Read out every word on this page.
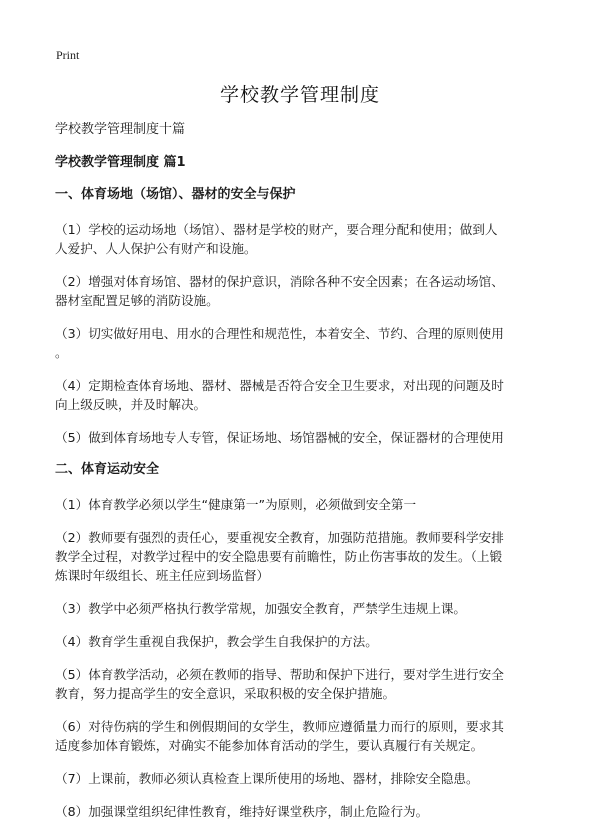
Print
学校教学管理制度
学校教学管理制度十篇
学校教学管理制度 篇1
一、体育场地（场馆）、器材的安全与保护

（1）学校的运动场地（场馆）、器材是学校的财产，要合理分配和使用；做到人
人爱护、人人保护公有财产和设施。

（2）增强对体育场馆、器材的保护意识，消除各种不安全因素；在各运动场馆、
器材室配置足够的消防设施。

（3）切实做好用电、用水的合理性和规范性，本着安全、节约、合理的原则使用
。

（4）定期检查体育场地、器材、器械是否符合安全卫生要求，对出现的问题及时
向上级反映，并及时解决。

（5）做到体育场地专人专管，保证场地、场馆器械的安全，保证器材的合理使用

二、体育运动安全

（1）体育教学必须以学生“健康第一”为原则，必须做到安全第一

（2）教师要有强烈的责任心，要重视安全教育，加强防范措施。教师要科学安排
教学全过程，对教学过程中的安全隐患要有前瞻性，防止伤害事故的发生。（上锻
炼课时年级组长、班主任应到场监督）

（3）教学中必须严格执行教学常规，加强安全教育，严禁学生违规上课。

（4）教育学生重视自我保护，教会学生自我保护的方法。

（5）体育教学活动，必须在教师的指导、帮助和保护下进行，要对学生进行安全
教育，努力提高学生的安全意识，采取积极的安全保护措施。

（6）对待伤病的学生和例假期间的女学生，教师应遵循量力而行的原则，要求其
适度参加体育锻炼，对确实不能参加体育活动的学生，要认真履行有关规定。

（7）上课前，教师必须认真检查上课所使用的场地、器材，排除安全隐患。

（8）加强课堂组织纪律性教育，维持好课堂秩序，制止危险行为。
